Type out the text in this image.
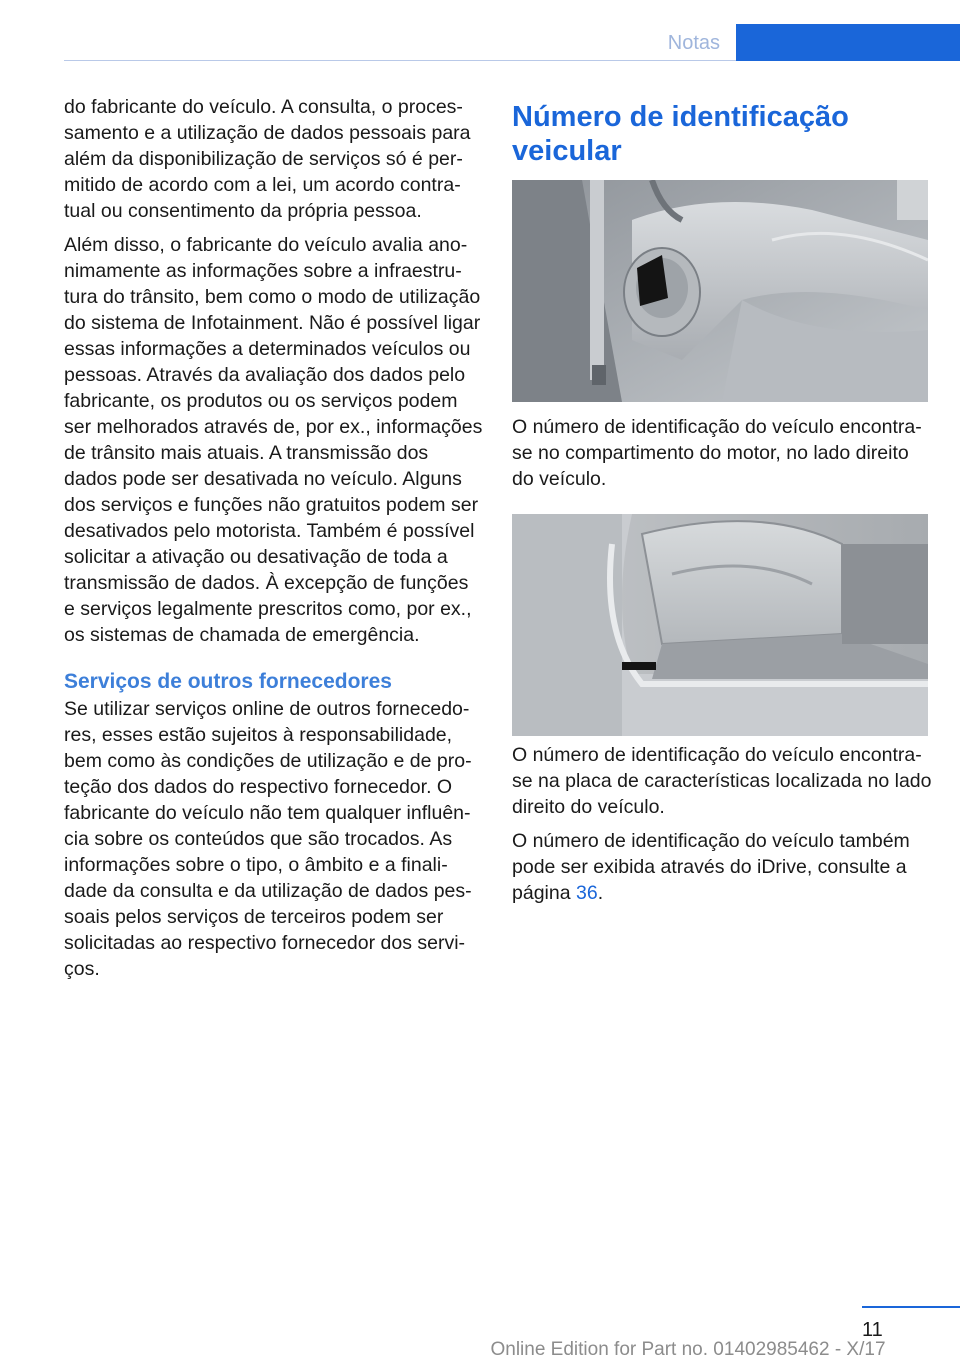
Notas

do fabricante do veículo. A consulta, o processamento e a utilização de dados pessoais para além da disponibilização de serviços só é permitido de acordo com a lei, um acordo contratual ou consentimento da própria pessoa.

Além disso, o fabricante do veículo avalia anonimamente as informações sobre a infraestrutura do trânsito, bem como o modo de utilização do sistema de Infotainment. Não é possível ligar essas informações a determinados veículos ou pessoas. Através da avaliação dos dados pelo fabricante, os produtos ou os serviços podem ser melhorados através de, por ex., informações de trânsito mais atuais. A transmissão dos dados pode ser desativada no veículo. Alguns dos serviços e funções não gratuitos podem ser desativados pelo motorista. Também é possível solicitar a ativação ou desativação de toda a transmissão de dados. À excepção de funções e serviços legalmente prescritos como, por ex., os sistemas de chamada de emergência.

Serviços de outros fornecedores

Se utilizar serviços online de outros fornecedores, esses estão sujeitos à responsabilidade, bem como às condições de utilização e de proteção dos dados do respectivo fornecedor. O fabricante do veículo não tem qualquer influência sobre os conteúdos que são trocados. As informações sobre o tipo, o âmbito e a finalidade da consulta e da utilização de dados pessoais pelos serviços de terceiros podem ser solicitadas ao respectivo fornecedor dos serviços.

Número de identificação veicular

O número de identificação do veículo encontra-se no compartimento do motor, no lado direito do veículo.

O número de identificação do veículo encontra-se na placa de características localizada no lado direito do veículo.

O número de identificação do veículo também pode ser exibida através do iDrive, consulte a página 36.

11
Online Edition for Part no. 01402985462 - X/17
